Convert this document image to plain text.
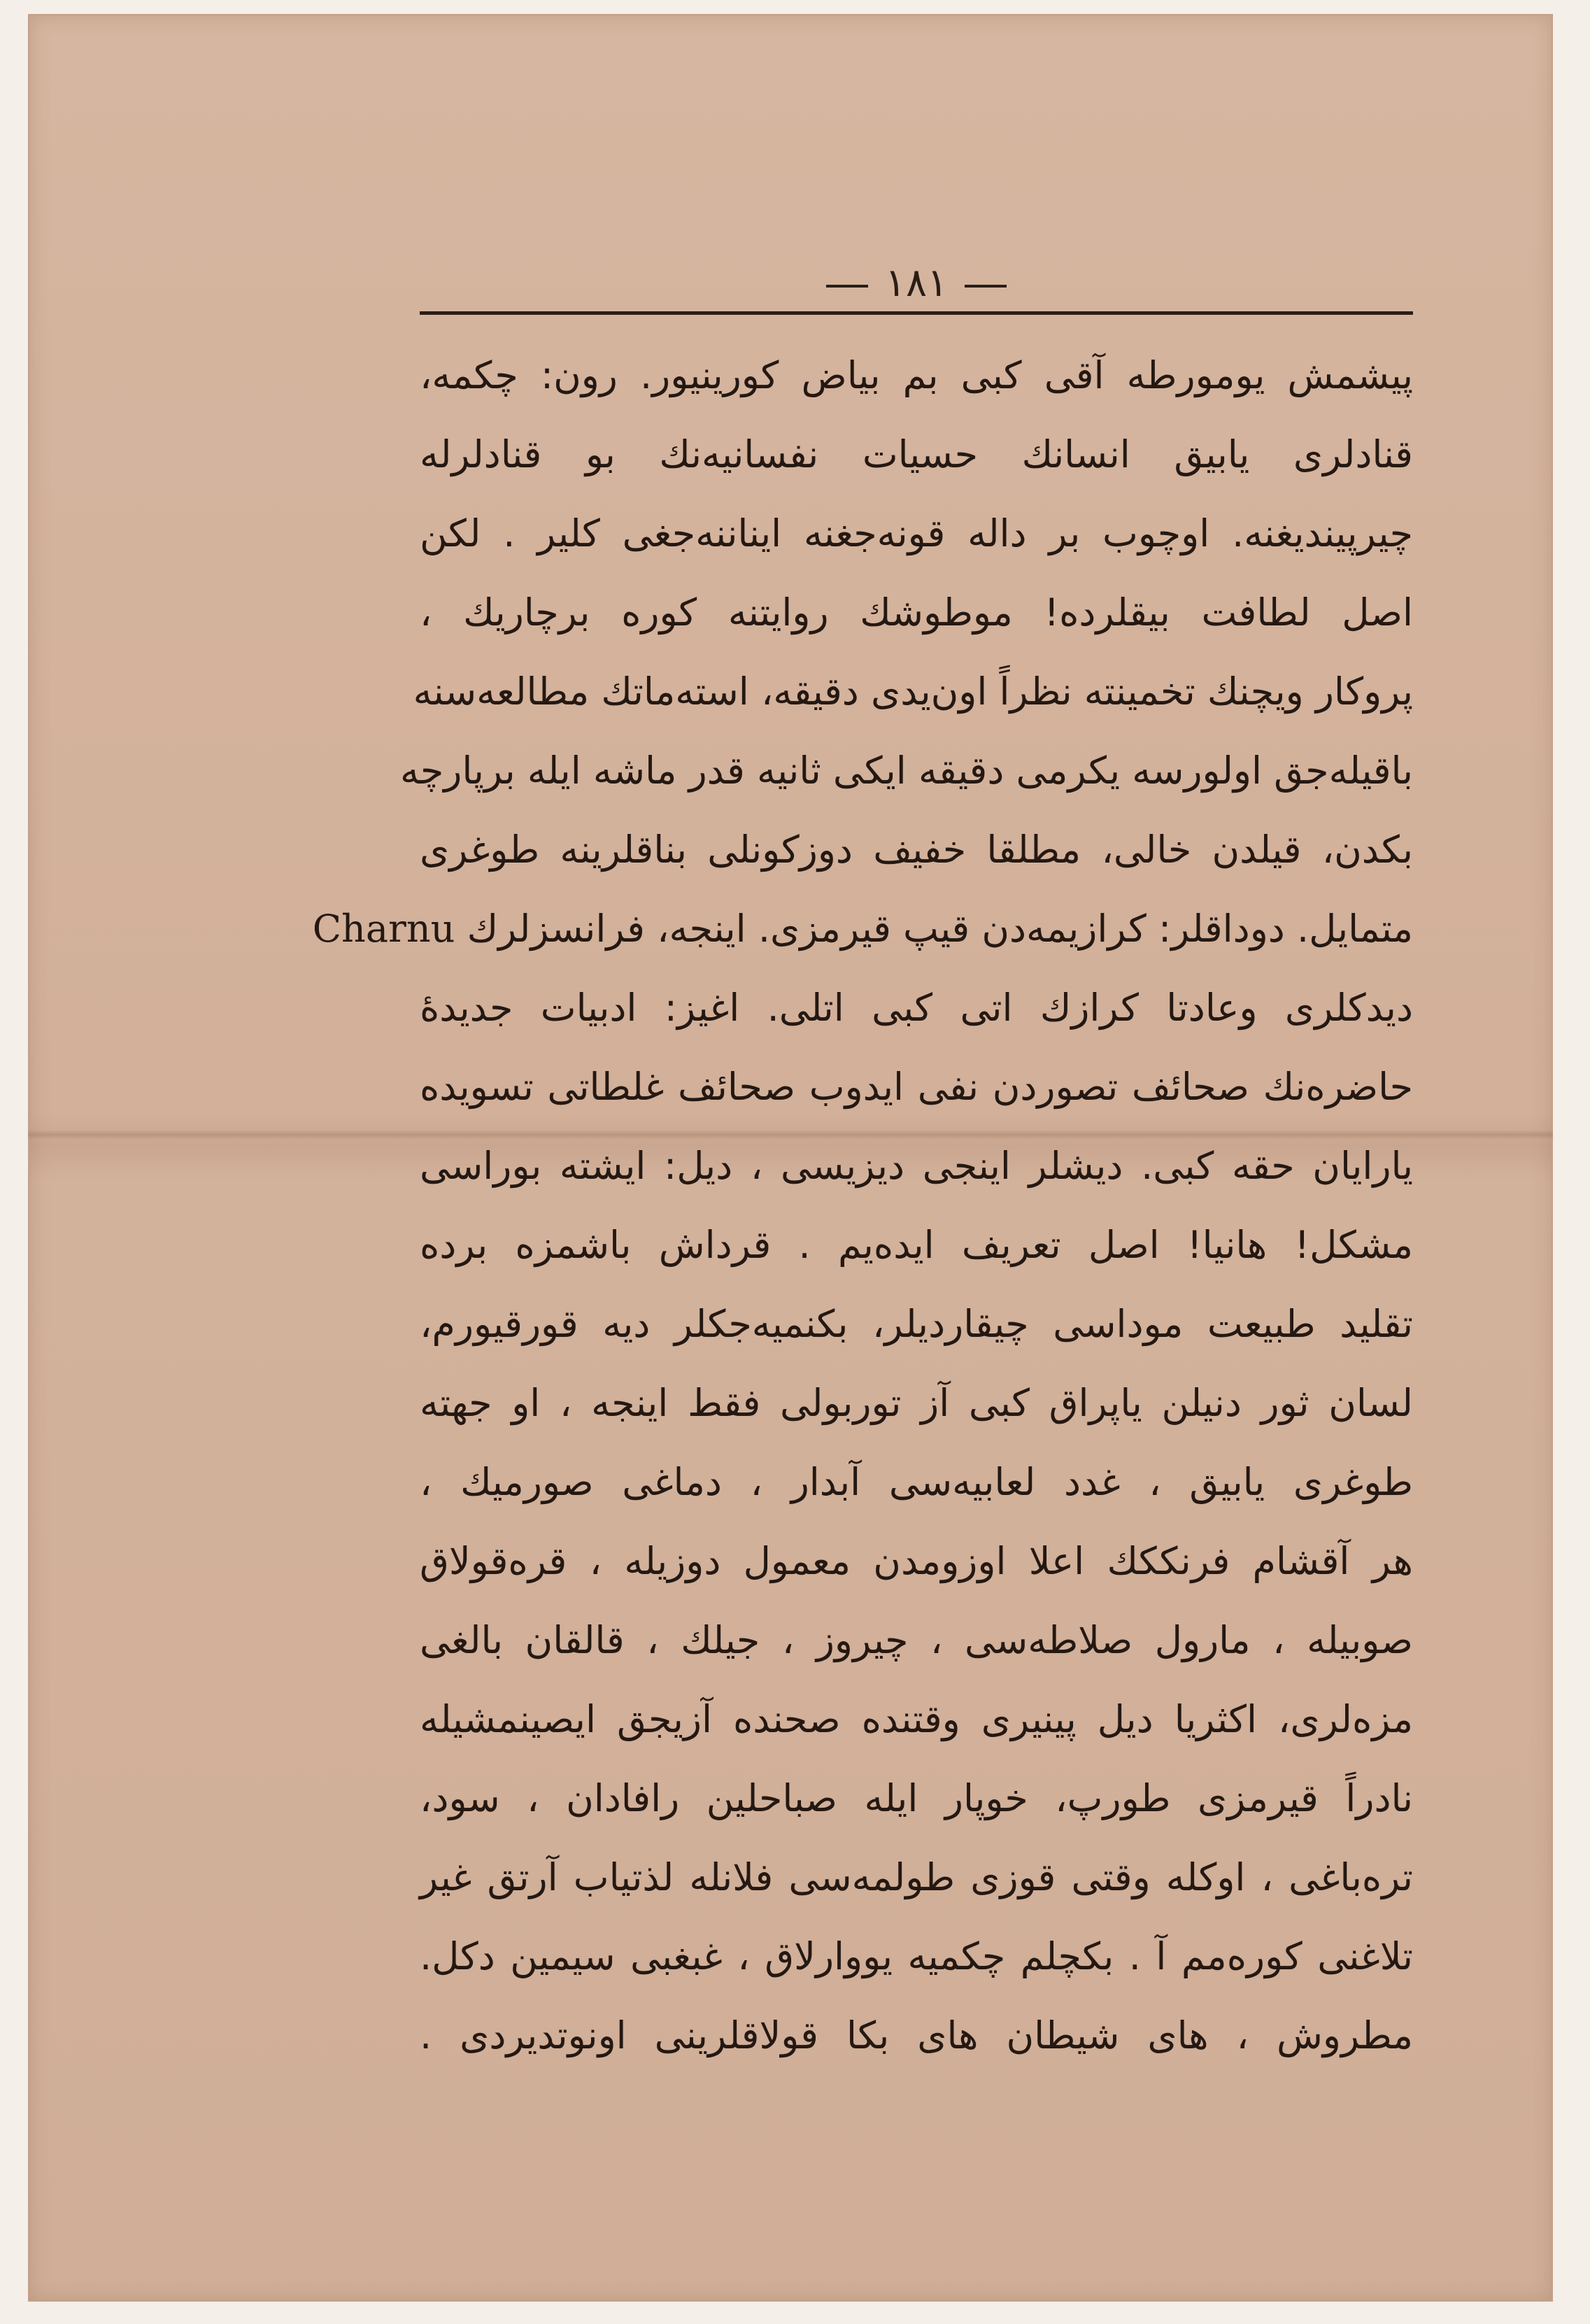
١٨١
پيشمش يومورطه آقى كبى بم بياض كورينيور. رون: چكمه،
قنادلرى يابيق انسانك حسيات نفسانيه‌نك بو قنادلرله
چيرپينديغنه. اوچوب بر داله قونه‌جغنه ايناننه‌جغى كلير . لكن
اصل لطافت بيقلرده! موطوشك روايتنه كوره برچاريك ،
پروكار ويچنك تخمينته نظراً اون‌يدى دقيقه، استه‌ماتك مطالعه‌سنه
باقيله‌جق اولورسه يكرمى دقيقه ايكى ثانيه قدر ماشه ايله برپارچه
بكدن، قيلدن خالى، مطلقا خفيف دوزكونلى بناقلرينه طوغرى
متمايل. دوداقلر: كرازيمه‌دن قيپ قيرمزى. اينجه، فرانسزلرك Charnu
ديدكلرى وعادتا كرازك اتى كبى اتلى. اغيز: ادبيات جديدهٔ
حاضره‌نك صحائف تصوردن نفى ايدوب صحائف غلطاتى تسويده
يارايان حقه كبى. ديشلر اينجى ديزيسى ، ديل: ايشته بوراسى
مشكل! هانيا! اصل تعريف ايده‌يم . قرداش باشمزه برده
تقليد طبيعت موداسى چيقاردیلر، بكنميه‌جكلر ديه قورقيورم،
لسان ثور دنيلن ياپراق كبى آز توربولى فقط اينجه ، او جهته
طوغرى يابيق ، غدد لعابيه‌سى آبدار ، دماغى صورميك ،
هر آقشام فرنككك اعلا اوزومدن معمول دوزيله ، قره‌قولاق
صوبيله ، مارول صلاطه‌سى ، چيروز ، جيلك ، قالقان بالغى
مزه‌لرى، اكثريا ديل پينيرى وقتنده صحنده آزيجق ايصينمشيله
نادراً قيرمزى طورپ، خوپار ايله صباحلين رافادان ، سود،
تره‌باغى ، اوكله وقتى قوزى طولمه‌سى فلانله لذتياب آرتق غير
تلاغنى كوره‌مم آ . بكچلم چكميه يووارلاق ، غبغبى سيمين دكل.
مطروش ، هاى شيطان هاى بكا قولاقلرينى اونوتديردى .
